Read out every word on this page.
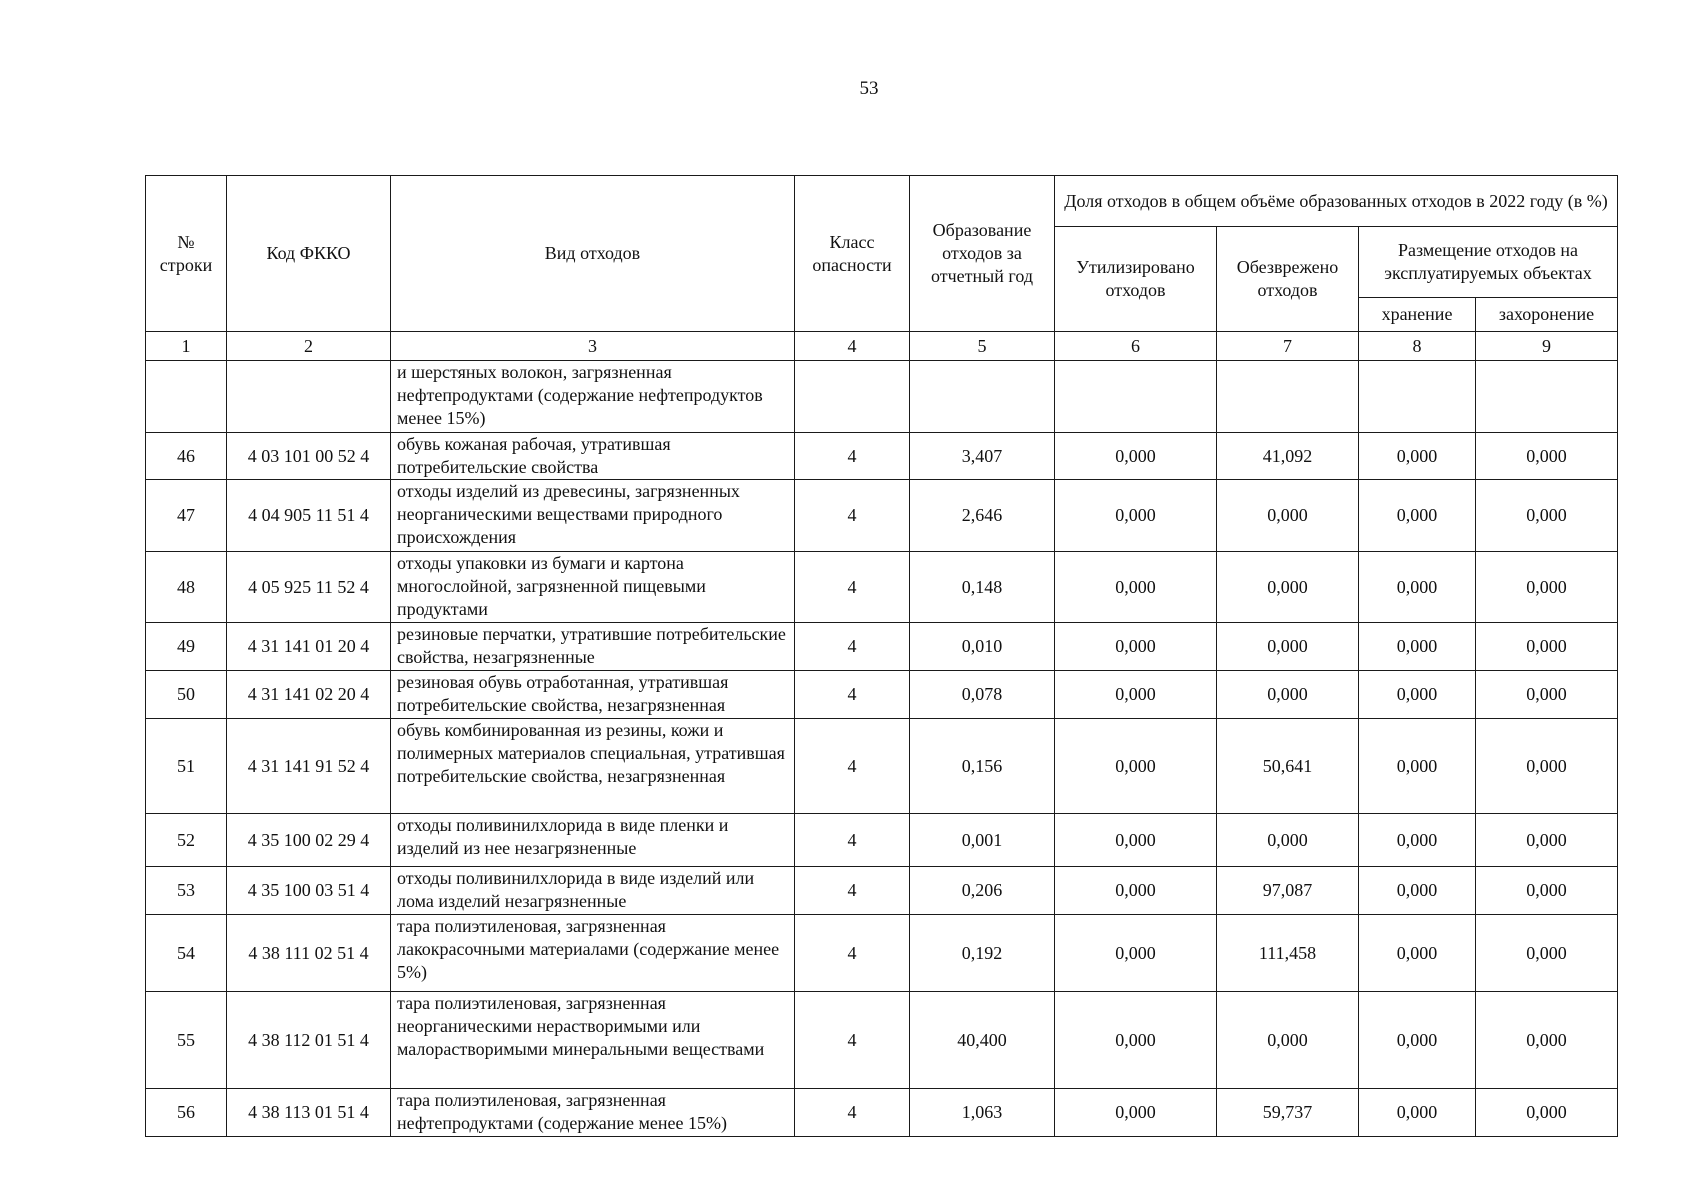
53
№ строки	Код ФККО	Вид отходов	Класс опасности	Образование отходов за отчетный год	Доля отходов в общем объёме образованных отходов в 2022 году (в %)			
					Утилизировано отходов	Обезврежено отходов	Размещение отходов на эксплуатируемых объектах	
							хранение	захоронение
1	2	3	4	5	6	7	8	9
		и шерстяных волокон, загрязненная нефтепродуктами (содержание нефтепродуктов менее 15%)						
46	4 03 101 00 52 4	обувь кожаная рабочая, утратившая потребительские свойства	4	3,407	0,000	41,092	0,000	0,000
47	4 04 905 11 51 4	отходы изделий из древесины, загрязненных неорганическими веществами природного происхождения	4	2,646	0,000	0,000	0,000	0,000
48	4 05 925 11 52 4	отходы упаковки из бумаги и картона многослойной, загрязненной пищевыми продуктами	4	0,148	0,000	0,000	0,000	0,000
49	4 31 141 01 20 4	резиновые перчатки, утратившие потребительские свойства, незагрязненные	4	0,010	0,000	0,000	0,000	0,000
50	4 31 141 02 20 4	резиновая обувь отработанная, утратившая потребительские свойства, незагрязненная	4	0,078	0,000	0,000	0,000	0,000
51	4 31 141 91 52 4	обувь комбинированная из резины, кожи и полимерных материалов специальная, утратившая потребительские свойства, незагрязненная	4	0,156	0,000	50,641	0,000	0,000
52	4 35 100 02 29 4	отходы поливинилхлорида в виде пленки и изделий из нее незагрязненные	4	0,001	0,000	0,000	0,000	0,000
53	4 35 100 03 51 4	отходы поливинилхлорида в виде изделий или лома изделий незагрязненные	4	0,206	0,000	97,087	0,000	0,000
54	4 38 111 02 51 4	тара полиэтиленовая, загрязненная лакокрасочными материалами (содержание менее 5%)	4	0,192	0,000	111,458	0,000	0,000
55	4 38 112 01 51 4	тара полиэтиленовая, загрязненная неорганическими нерастворимыми или малорастворимыми минеральными веществами	4	40,400	0,000	0,000	0,000	0,000
56	4 38 113 01 51 4	тара полиэтиленовая, загрязненная нефтепродуктами (содержание менее 15%)	4	1,063	0,000	59,737	0,000	0,000
